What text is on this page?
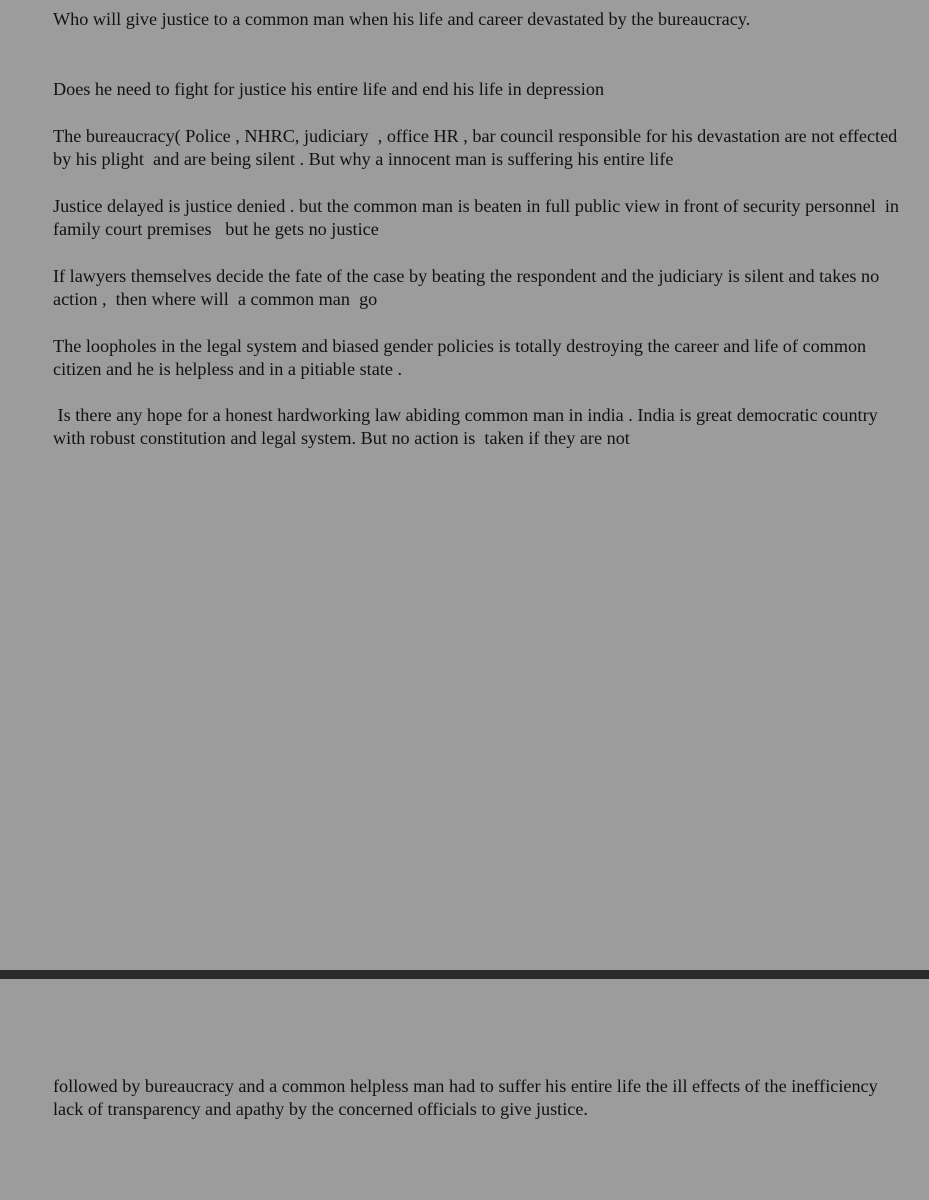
Who will give justice to a common man when his life and career devastated by the bureaucracy.

Does he need to fight for justice his entire life and end his life in depression

The bureaucracy( Police , NHRC, judiciary  , office HR , bar council responsible for his devastation are not effected by his plight  and are being silent . But why a innocent man is suffering his entire life

Justice delayed is justice denied . but the common man is beaten in full public view in front of security personnel  in  family court premises   but he gets no justice

If lawyers themselves decide the fate of the case by beating the respondent and the judiciary is silent and takes no action ,  then where will  a common man  go

The loopholes in the legal system and biased gender policies is totally destroying the career and life of common citizen and he is helpless and in a pitiable state .

Is there any hope for a honest hardworking law abiding common man in india . India is great democratic country with robust constitution and legal system. But no action is  taken if they are not

followed by bureaucracy and a common helpless man had to suffer his entire life the ill effects of the inefficiency lack of transparency and apathy by the concerned officials to give justice.
